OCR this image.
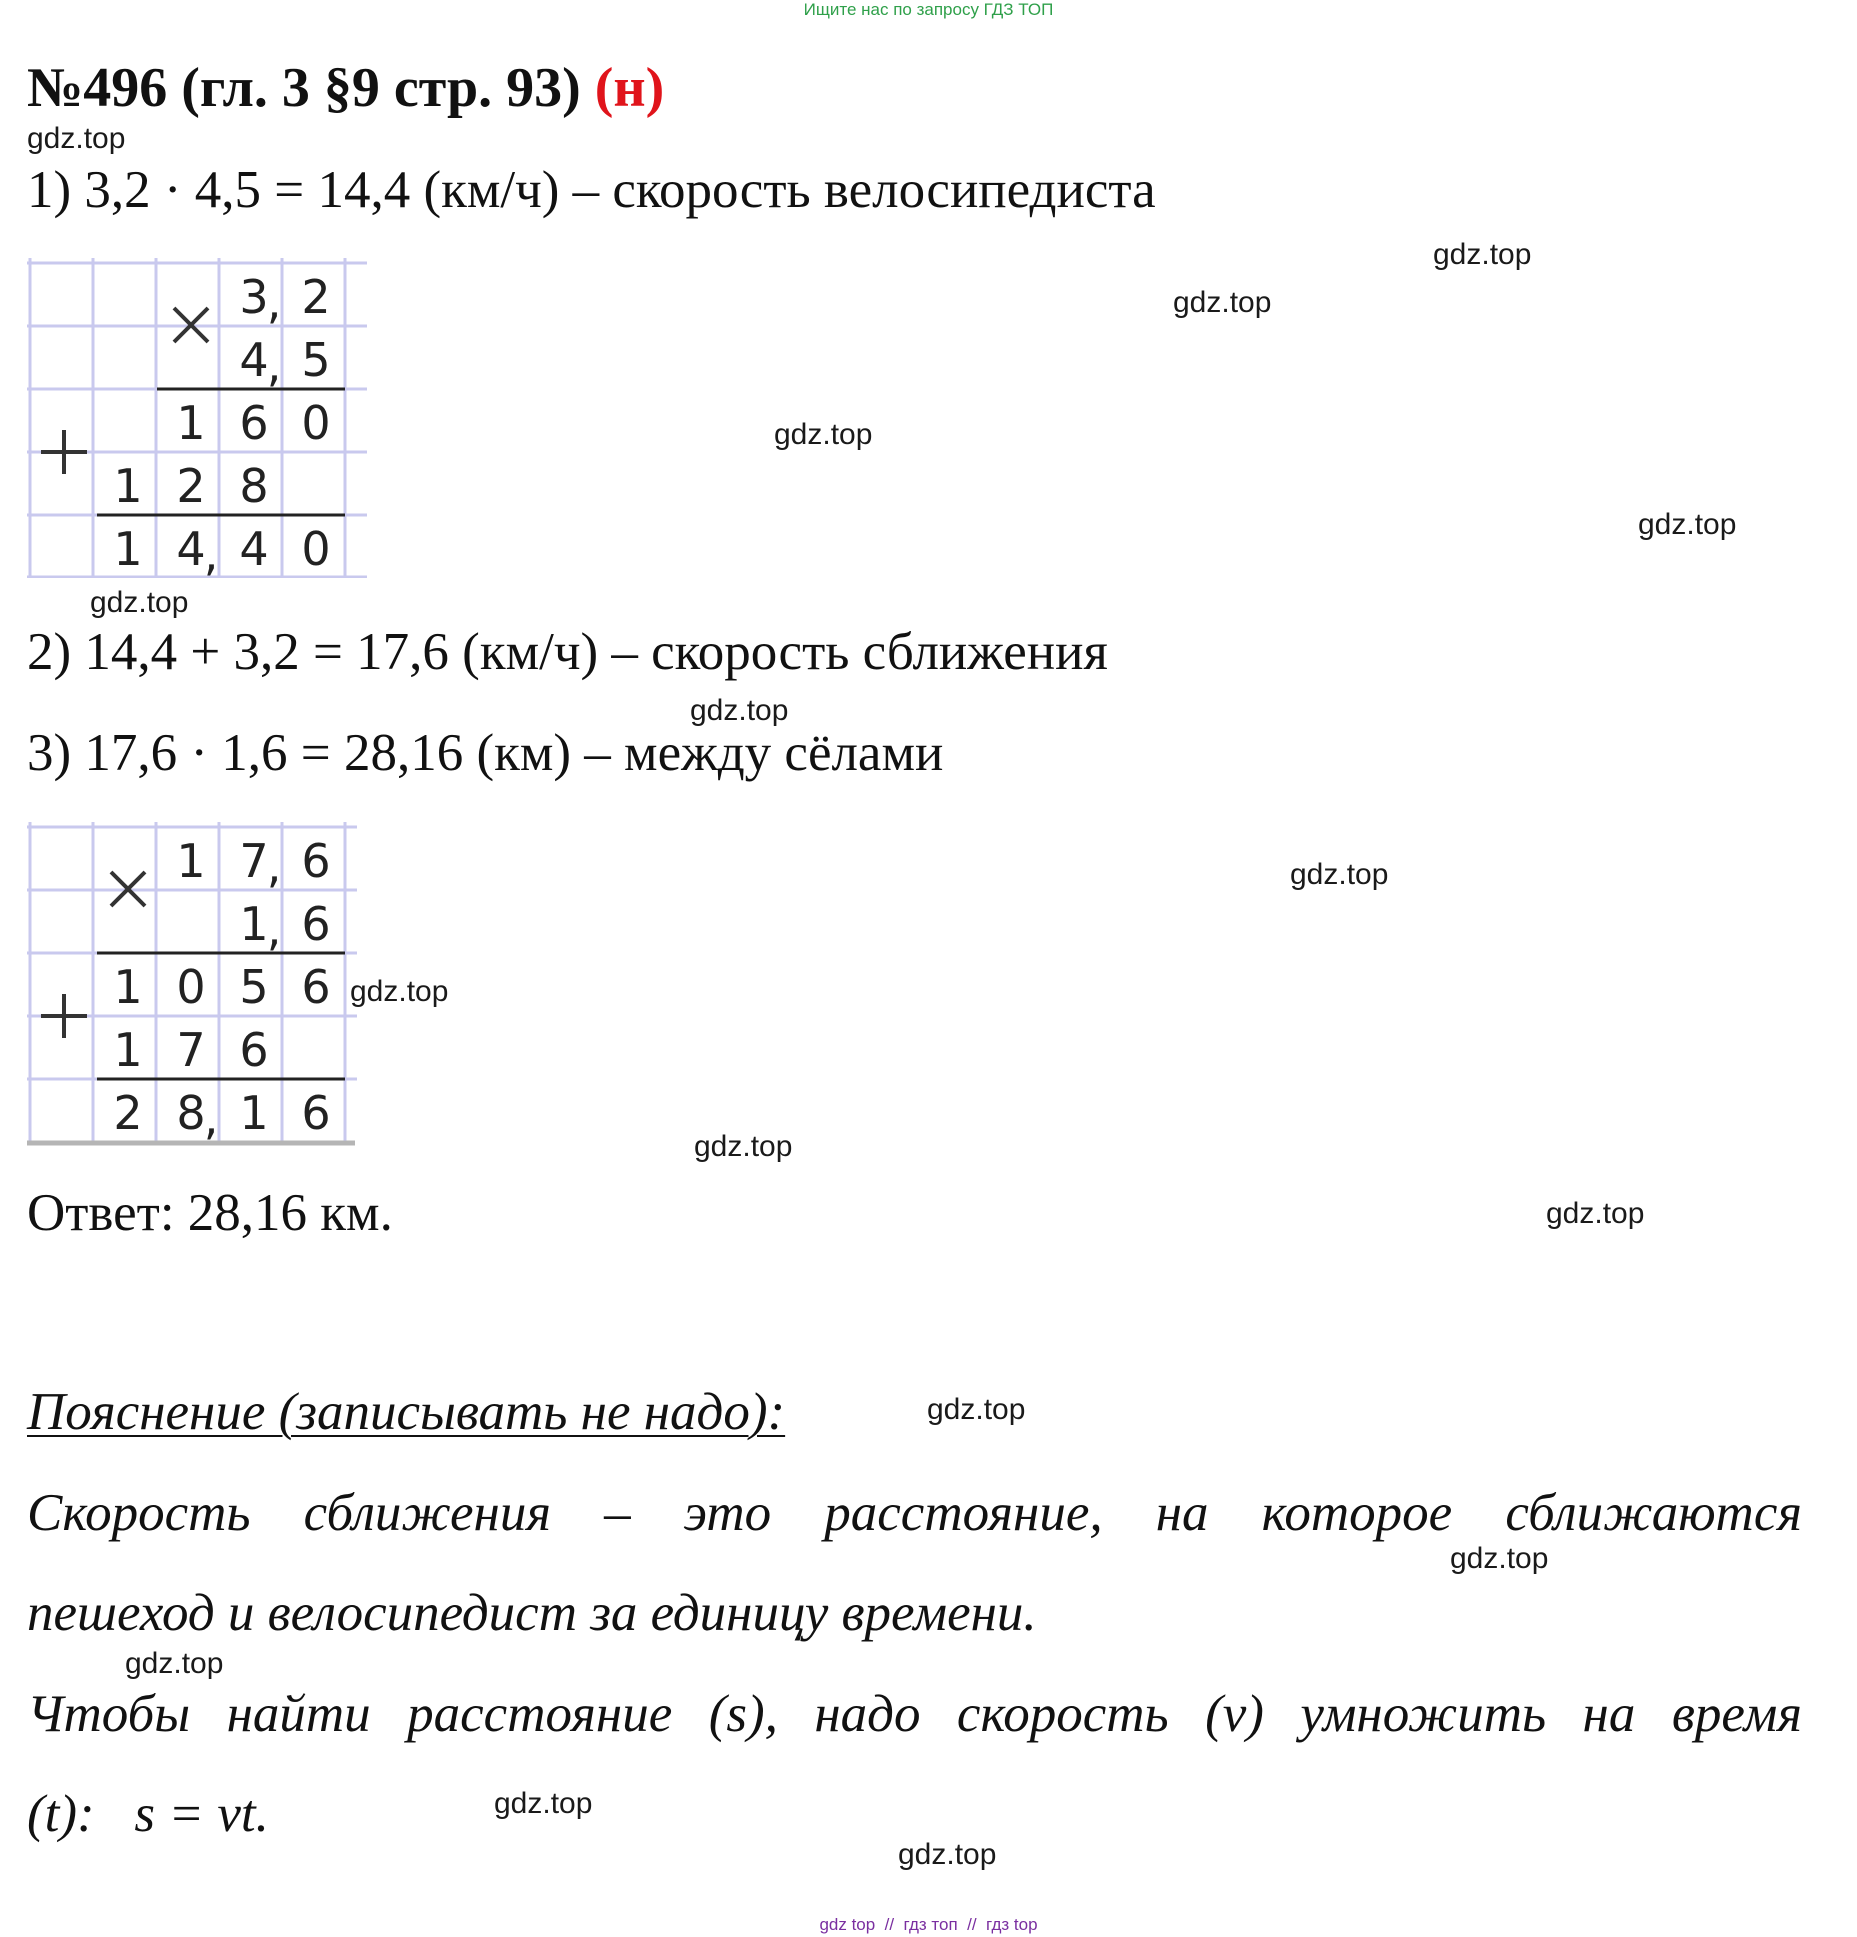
Ищите нас по запросу ГДЗ ТОП
№496 (гл. 3 §9 стр. 93) (н)
1) 3,2 · 4,5 = 14,4 (км/ч) – скорость велосипедиста
3
, 2
4
, 5
1 6 0
1 2 8
1 4
, 4 0
2) 14,4 + 3,2 = 17,6 (км/ч) – скорость сближения
3) 17,6 · 1,6 = 28,16 (км) – между сёлами
1 7
, 6
1
, 6
1 0 5 6
1 7 6
2 8
, 1 6
Ответ: 28,16 км.
Пояснение (записывать не надо):
Скорость сближения – это расстояние, на которое сближаются
пешеход и велосипедист за единицу времени.
Чтобы найти расстояние (s), надо скорость (v) умножить на время
(t):   s = vt.
gdz.top
gdz.top
gdz.top
gdz.top
gdz.top
gdz.top
gdz.top
gdz.top
gdz.top
gdz.top
gdz.top
gdz.top
gdz.top
gdz.top
gdz.top
gdz.top
gdz top  //  гдз топ  //  гдз top
